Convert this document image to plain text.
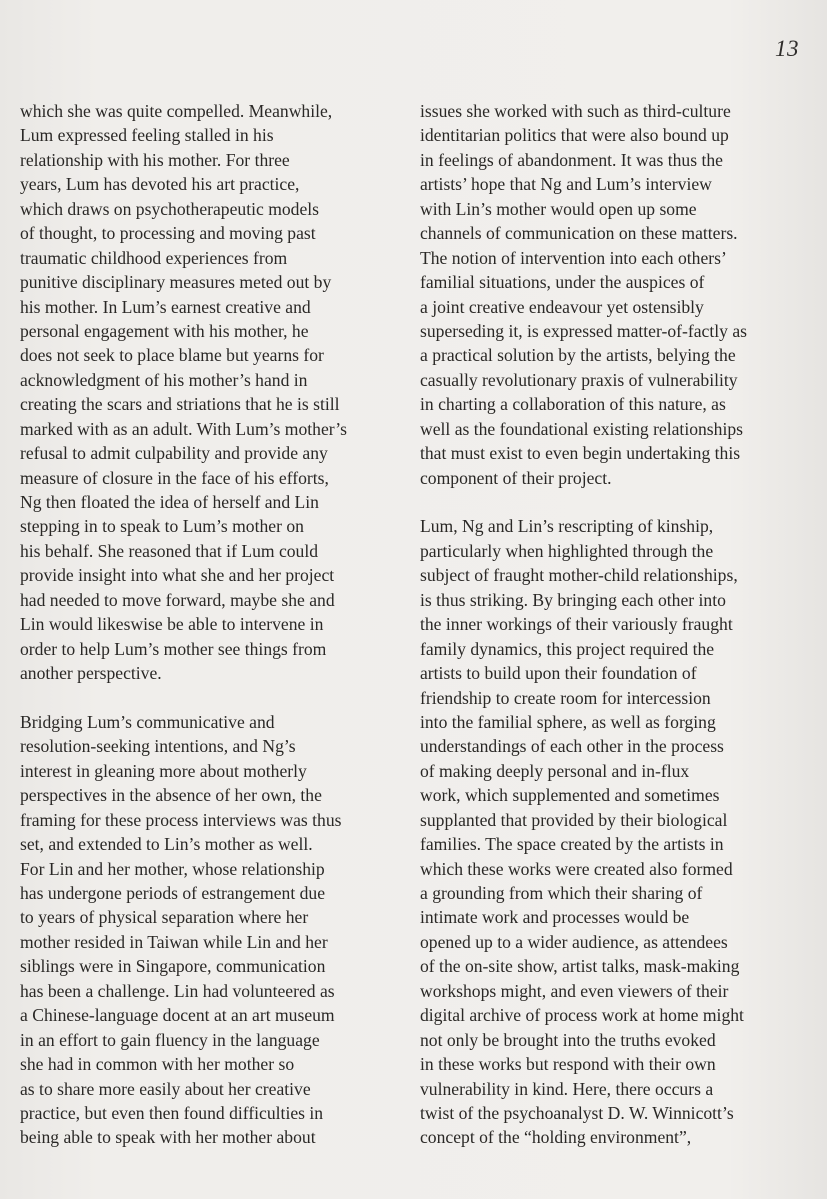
13
which she was quite compelled. Meanwhile,
Lum expressed feeling stalled in his
relationship with his mother. For three
years, Lum has devoted his art practice,
which draws on psychotherapeutic models
of thought, to processing and moving past
traumatic childhood experiences from
punitive disciplinary measures meted out by
his mother. In Lum’s earnest creative and
personal engagement with his mother, he
does not seek to place blame but yearns for
acknowledgment of his mother’s hand in
creating the scars and striations that he is still
marked with as an adult. With Lum’s mother’s
refusal to admit culpability and provide any
measure of closure in the face of his efforts,
Ng then floated the idea of herself and Lin
stepping in to speak to Lum’s mother on
his behalf. She reasoned that if Lum could
provide insight into what she and her project
had needed to move forward, maybe she and
Lin would likeswise be able to intervene in
order to help Lum’s mother see things from
another perspective.
Bridging Lum’s communicative and
resolution-seeking intentions, and Ng’s
interest in gleaning more about motherly
perspectives in the absence of her own, the
framing for these process interviews was thus
set, and extended to Lin’s mother as well.
For Lin and her mother, whose relationship
has undergone periods of estrangement due
to years of physical separation where her
mother resided in Taiwan while Lin and her
siblings were in Singapore, communication
has been a challenge. Lin had volunteered as
a Chinese-language docent at an art museum
in an effort to gain fluency in the language
she had in common with her mother so
as to share more easily about her creative
practice, but even then found difficulties in
being able to speak with her mother about
issues she worked with such as third-culture
identitarian politics that were also bound up
in feelings of abandonment. It was thus the
artists’ hope that Ng and Lum’s interview
with Lin’s mother would open up some
channels of communication on these matters.
The notion of intervention into each others’
familial situations, under the auspices of
a joint creative endeavour yet ostensibly
superseding it, is expressed matter-of-factly as
a practical solution by the artists, belying the
casually revolutionary praxis of vulnerability
in charting a collaboration of this nature, as
well as the foundational existing relationships
that must exist to even begin undertaking this
component of their project.
Lum, Ng and Lin’s rescripting of kinship,
particularly when highlighted through the
subject of fraught mother-child relationships,
is thus striking. By bringing each other into
the inner workings of their variously fraught
family dynamics, this project required the
artists to build upon their foundation of
friendship to create room for intercession
into the familial sphere, as well as forging
understandings of each other in the process
of making deeply personal and in-flux
work, which supplemented and sometimes
supplanted that provided by their biological
families. The space created by the artists in
which these works were created also formed
a grounding from which their sharing of
intimate work and processes would be
opened up to a wider audience, as attendees
of the on-site show, artist talks, mask-making
workshops might, and even viewers of their
digital archive of process work at home might
not only be brought into the truths evoked
in these works but respond with their own
vulnerability in kind. Here, there occurs a
twist of the psychoanalyst D. W. Winnicott’s
concept of the “holding environment”,
